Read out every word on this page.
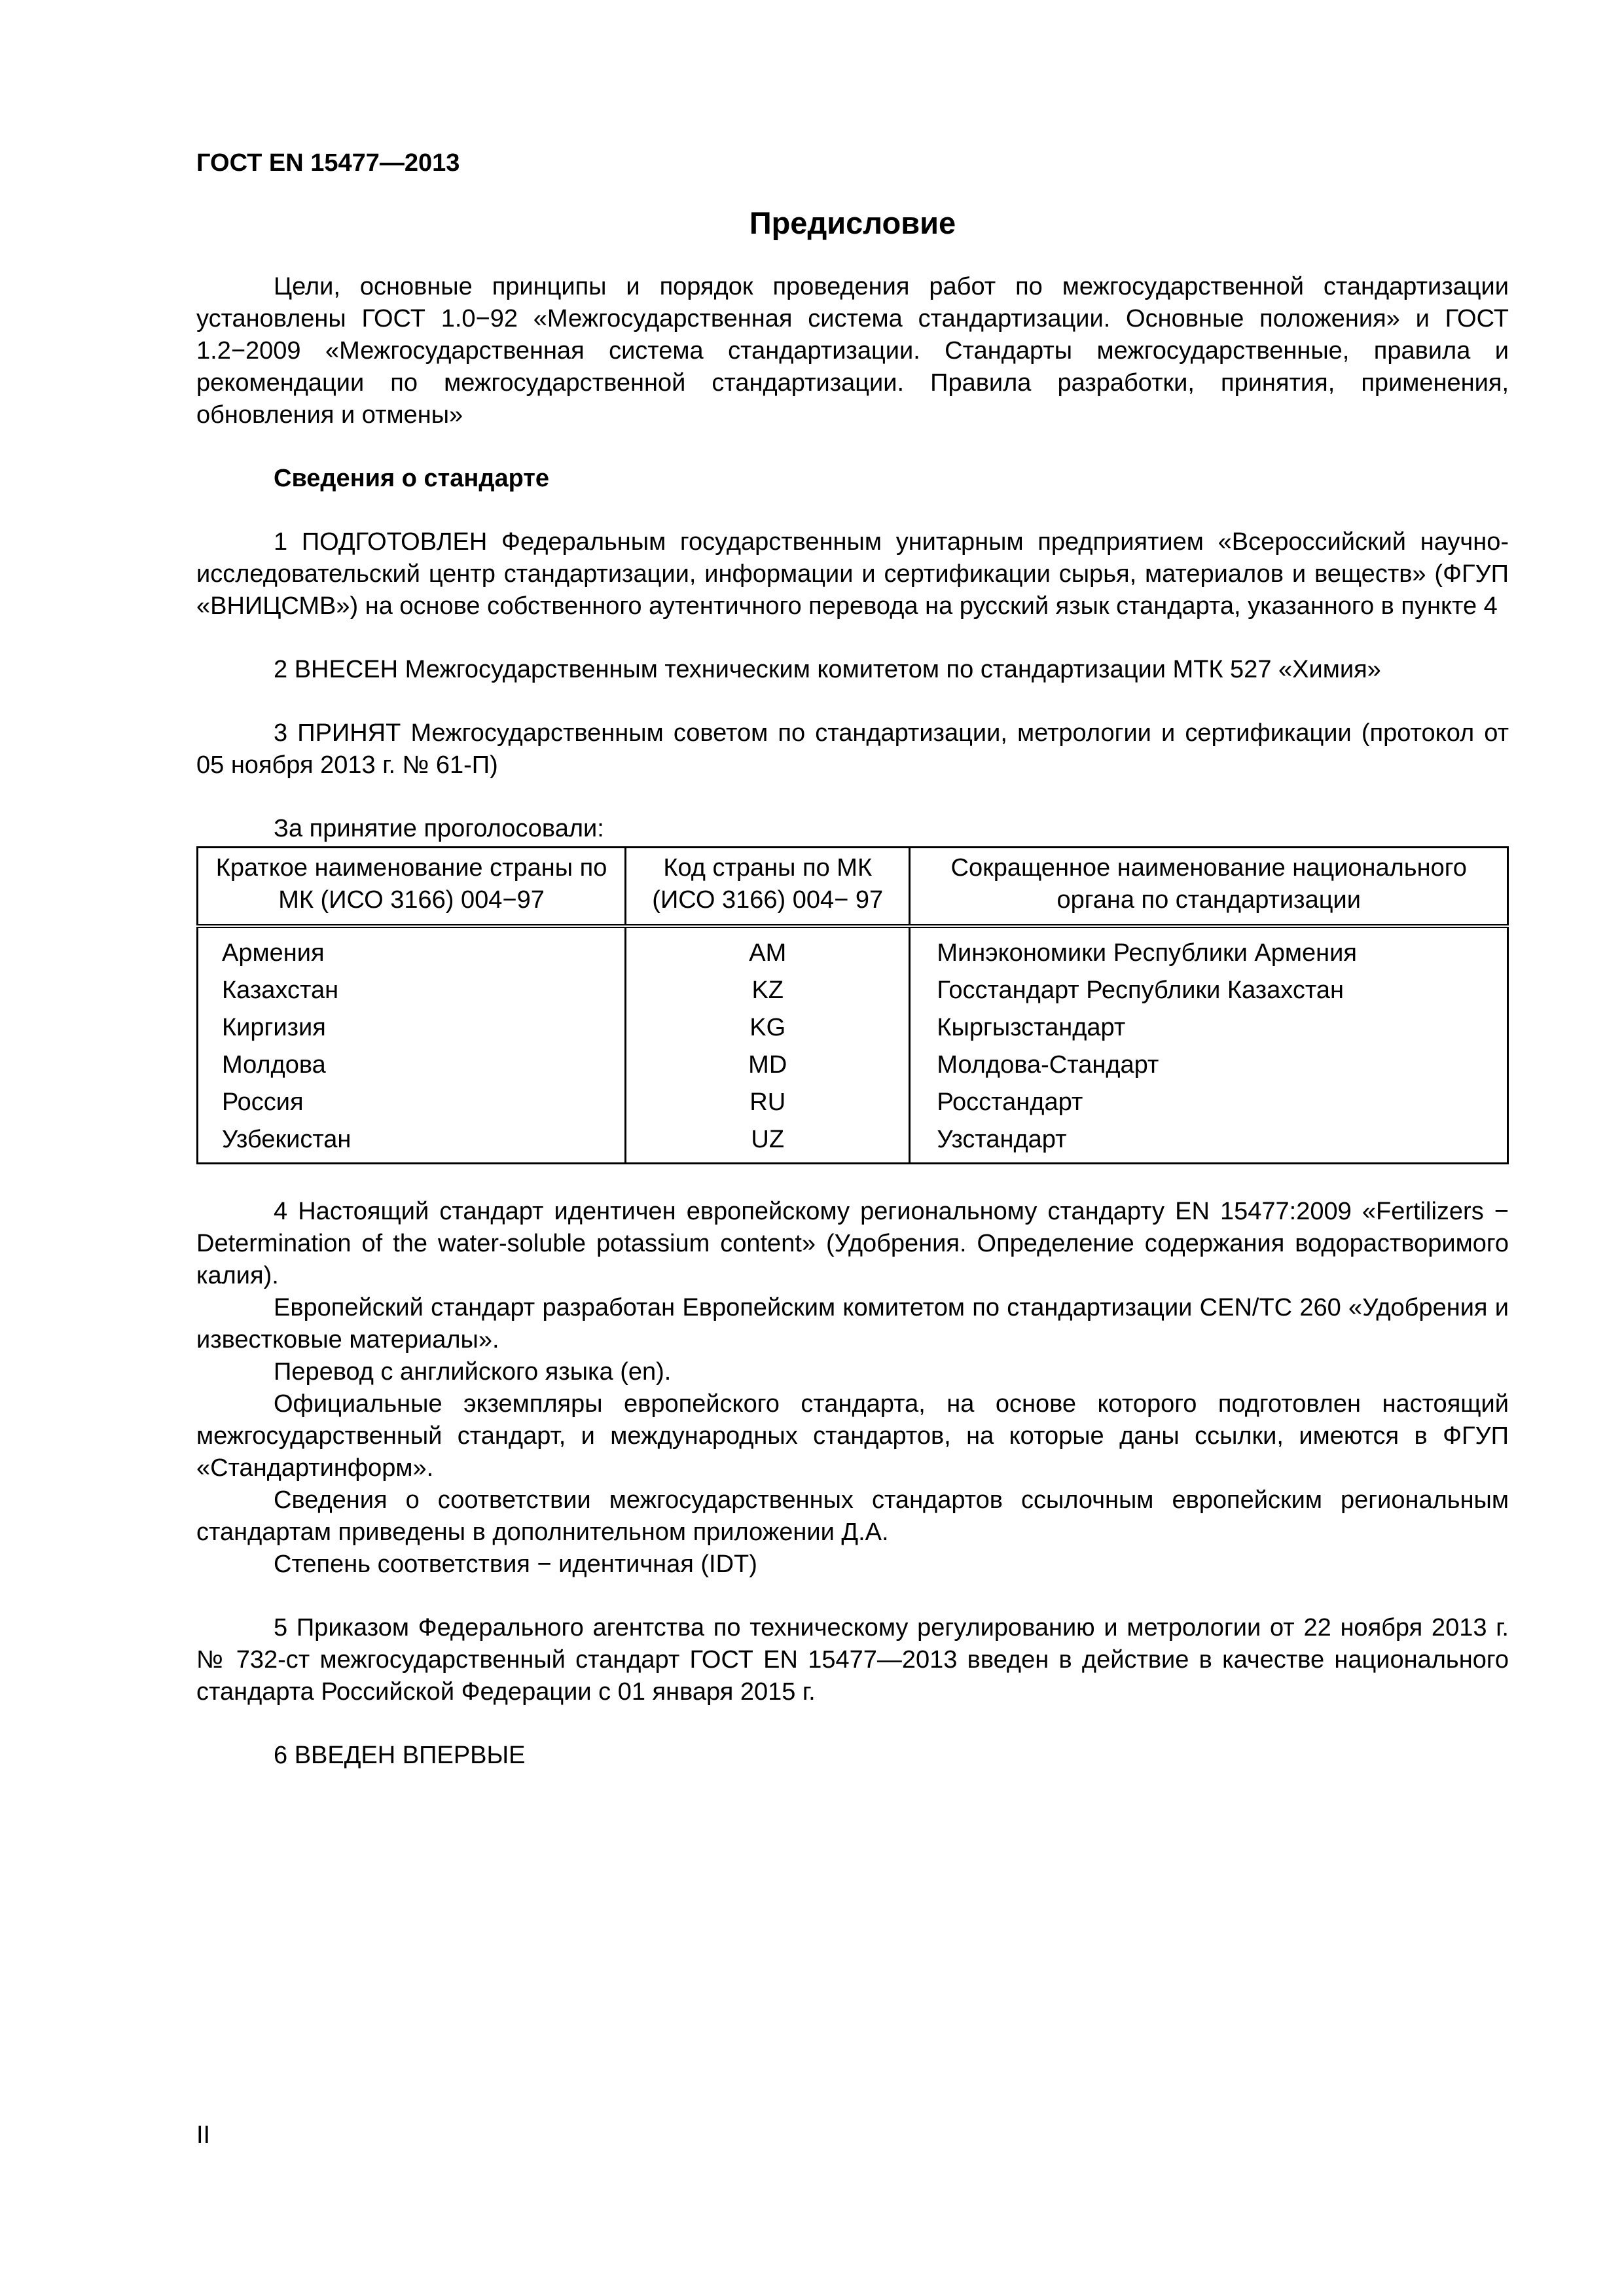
ГОСТ EN 15477—2013
Предисловие

Цели, основные принципы и порядок проведения работ по межгосударственной стандартизации установлены ГОСТ 1.0−92 «Межгосударственная система стандартизации. Основные положения» и ГОСТ 1.2−2009 «Межгосударственная система стандартизации. Стандарты межгосударственные, правила и рекомендации по межгосударственной стандартизации. Правила разработки, принятия, применения, обновления и отмены»

Сведения о стандарте

1 ПОДГОТОВЛЕН Федеральным государственным унитарным предприятием «Всероссийский научно-исследовательский центр стандартизации, информации и сертификации сырья, материалов и веществ» (ФГУП «ВНИЦСМВ») на основе собственного аутентичного перевода на русский язык стандарта, указанного в пункте 4

2 ВНЕСЕН Межгосударственным техническим комитетом по стандартизации МТК 527 «Химия»

3 ПРИНЯТ Межгосударственным советом по стандартизации, метрологии и сертификации (протокол от 05 ноября 2013 г. № 61-П)

За принятие проголосовали:

Краткое наименование страны по МК (ИСО 3166) 004−97	Код страны по МК (ИСО 3166) 004− 97	Сокращенное наименование национального органа по стандартизации
Армения	AM	Минэкономики Республики Армения
Казахстан	KZ	Госстандарт Республики Казахстан
Киргизия	KG	Кыргызстандарт
Молдова	MD	Молдова-Стандарт
Россия	RU	Росстандарт
Узбекистан	UZ	Узстандарт

4 Настоящий стандарт идентичен европейскому региональному стандарту EN 15477:2009 «Fertilizers − Determination of the water-soluble potassium content» (Удобрения. Определение содержания водорастворимого калия).

Европейский стандарт разработан Европейским комитетом по стандартизации CEN/TC 260 «Удобрения и известковые материалы».

Перевод с английского языка (en).

Официальные экземпляры европейского стандарта, на основе которого подготовлен настоящий межгосударственный стандарт, и международных стандартов, на которые даны ссылки, имеются в ФГУП «Стандартинформ».

Сведения о соответствии межгосударственных стандартов ссылочным европейским региональным стандартам приведены в дополнительном приложении Д.А.

Степень соответствия − идентичная (IDT)

5 Приказом Федерального агентства по техническому регулированию и метрологии от 22 ноября 2013 г. № 732-ст межгосударственный стандарт ГОСТ EN 15477—2013 введен в действие в качестве национального стандарта Российской Федерации с 01 января 2015 г.

6 ВВЕДЕН ВПЕРВЫЕ

II
